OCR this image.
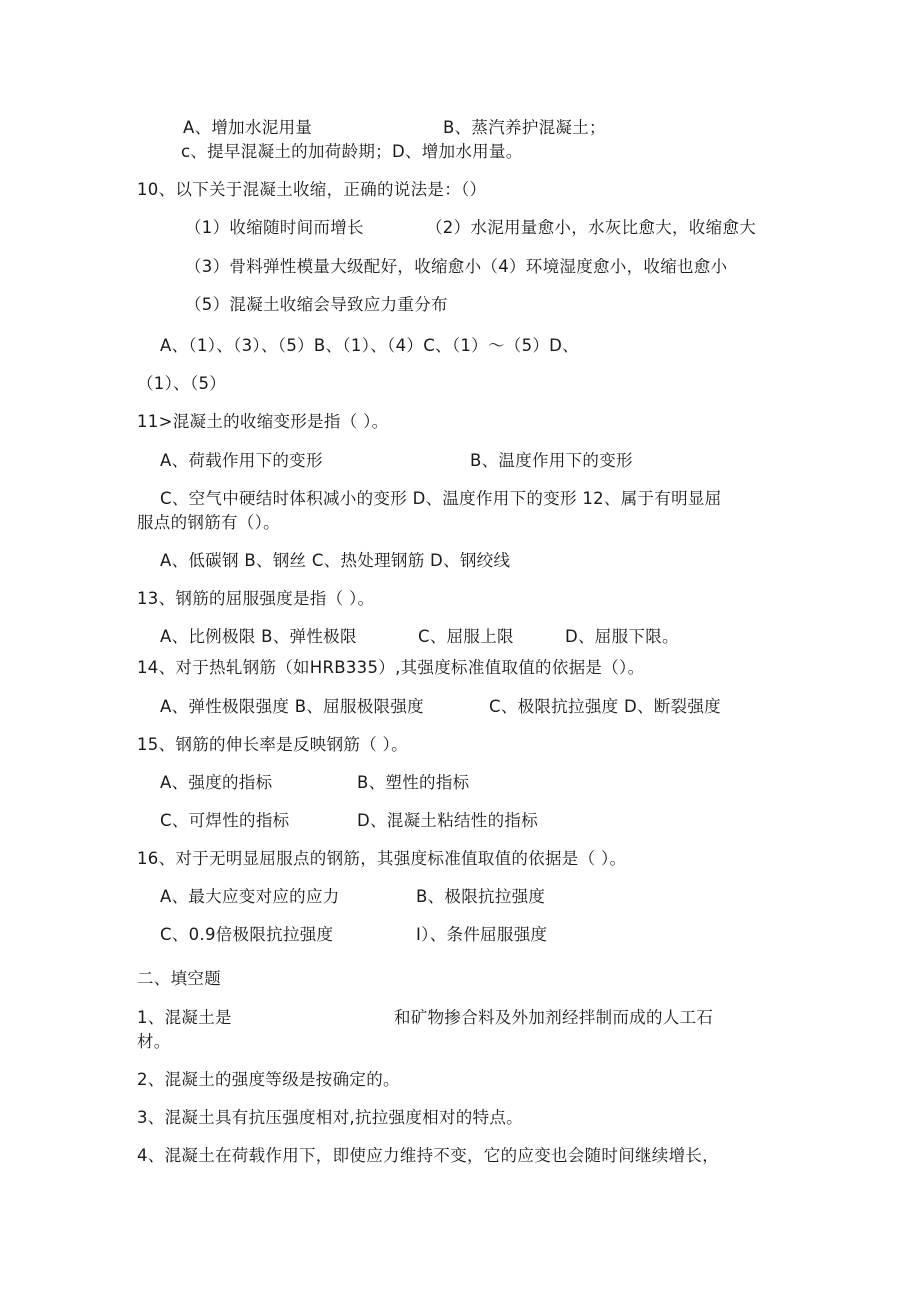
A、增加水泥用量	B、蒸汽养护混凝土；
c、提早混凝土的加荷龄期；D、增加水用量。
10、以下关于混凝土收缩，正确的说法是：（）
（1）收缩随时间而增长	（2）水泥用量愈小，水灰比愈大，收缩愈大
（3）骨料弹性模量大级配好，收缩愈小（4）环境湿度愈小，收缩也愈小
（5）混凝土收缩会导致应力重分布
A、（1）、（3）、（5）B、（1）、（4）C、（1）～（5）D、
（1）、（5）
11>混凝土的收缩变形是指（ ）。
A、荷载作用下的变形	B、温度作用下的变形
C、空气中硬结时体积减小的变形 D、温度作用下的变形 12、属于有明显屈
服点的钢筋有（）。
A、低碳钢 B、钢丝 C、热处理钢筋 D、钢绞线
13、钢筋的屈服强度是指（ ）。
A、比例极限 B、弹性极限	C、屈服上限	D、屈服下限。
14、对于热轧钢筋（如HRB335）,其强度标准值取值的依据是（）。
A、弹性极限强度 B、屈服极限强度	C、极限抗拉强度 D、断裂强度
15、钢筋的伸长率是反映钢筋（ ）。
A、强度的指标	B、塑性的指标
C、可焊性的指标	D、混凝土粘结性的指标
16、对于无明显屈服点的钢筋，其强度标准值取值的依据是（ ）。
A、最大应变对应的应力	B、极限抗拉强度
C、0.9倍极限抗拉强度	I）、条件屈服强度
二、填空题
1、混凝土是	和矿物掺合料及外加剂经拌制而成的人工石
材。
2、混凝土的强度等级是按确定的。
3、混凝土具有抗压强度相对,抗拉强度相对的特点。
4、混凝土在荷载作用下，即使应力维持不变，它的应变也会随时间继续增长，
